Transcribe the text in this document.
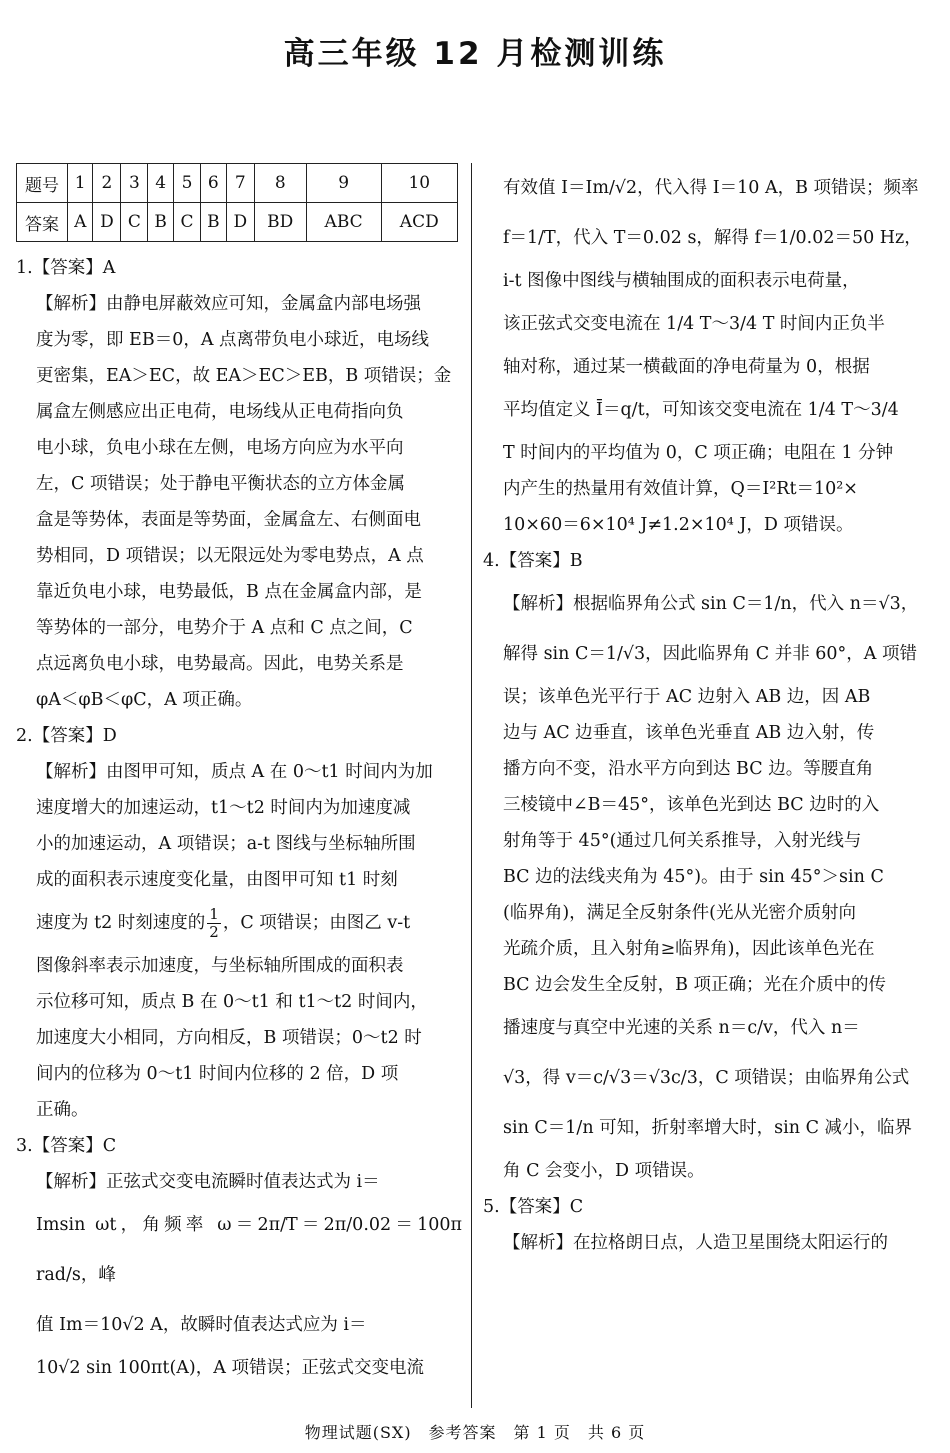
高三年级 12 月检测训练
题号	1	2	3	4	5	6	7	8	9	10
答案	A	D	C	B	C	B	D	BD	ABC	ACD

1.【答案】A

【解析】由静电屏蔽效应可知，金属盒内部电场强

度为零，即 EB＝0，A 点离带负电小球近，电场线

更密集，EA＞EC，故 EA＞EC＞EB，B 项错误；金

属盒左侧感应出正电荷，电场线从正电荷指向负

电小球，负电小球在左侧，电场方向应为水平向

左，C 项错误；处于静电平衡状态的立方体金属

盒是等势体，表面是等势面，金属盒左、右侧面电

势相同，D 项错误；以无限远处为零电势点，A 点

靠近负电小球，电势最低，B 点在金属盒内部，是

等势体的一部分，电势介于 A 点和 C 点之间，C

点远离负电小球，电势最高。因此，电势关系是

φA＜φB＜φC，A 项正确。

2.【答案】D

【解析】由图甲可知，质点 A 在 0～t1 时间内为加

速度增大的加速运动，t1～t2 时间内为加速度减

小的加速运动，A 项错误；a-t 图线与坐标轴所围

成的面积表示速度变化量，由图甲可知 t1 时刻

速度为 t2 时刻速度的 $\frac{1}{2}$ ，C 项错误；由图乙 v-t

图像斜率表示加速度，与坐标轴所围成的面积表

示位移可知，质点 B 在 0～t1 和 t1～t2 时间内，

加速度大小相同，方向相反，B 项错误；0～t2 时

间内的位移为 0～t1 时间内位移的 2 倍，D 项

正确。

3.【答案】C

【解析】正弦式交变电流瞬时值表达式为 i＝

Imsin ωt，角频率 ω＝2π/T＝2π/0.02＝100π rad/s，峰

值 Im＝10√2 A，故瞬时值表达式应为 i＝

10√2 sin 100πt(A)，A 项错误；正弦式交变电流

有效值 I＝Im/√2，代入得 I＝10 A，B 项错误；频率

f＝1/T，代入 T＝0.02 s，解得 f＝1/0.02＝50 Hz，

i-t 图像中图线与横轴围成的面积表示电荷量，

该正弦式交变电流在 1/4 T～3/4 T 时间内正负半

轴对称，通过某一横截面的净电荷量为 0，根据

平均值定义 Ī＝q/t，可知该交变电流在 1/4 T～3/4

T 时间内的平均值为 0，C 项正确；电阻在 1 分钟

内产生的热量用有效值计算，Q＝I²Rt＝10²×

10×60＝6×10⁴ J≠1.2×10⁴ J，D 项错误。

4.【答案】B

【解析】根据临界角公式 sin C＝1/n，代入 n＝√3，

解得 sin C＝1/√3，因此临界角 C 并非 60°，A 项错

误；该单色光平行于 AC 边射入 AB 边，因 AB

边与 AC 边垂直，该单色光垂直 AB 边入射，传

播方向不变，沿水平方向到达 BC 边。等腰直角

三棱镜中∠B＝45°，该单色光到达 BC 边时的入

射角等于 45°(通过几何关系推导，入射光线与

BC 边的法线夹角为 45°)。由于 sin 45°＞sin C

(临界角)，满足全反射条件(光从光密介质射向

光疏介质，且入射角≥临界角)，因此该单色光在

BC 边会发生全反射，B 项正确；光在介质中的传

播速度与真空中光速的关系 n＝c/v，代入 n＝

√3，得 v＝c/√3＝√3c/3，C 项错误；由临界角公式

sin C＝1/n 可知，折射率增大时，sin C 减小，临界

角 C 会变小，D 项错误。

5.【答案】C

【解析】在拉格朗日点，人造卫星围绕太阳运行的

物理试题(SX)　参考答案　第 1 页　共 6 页
